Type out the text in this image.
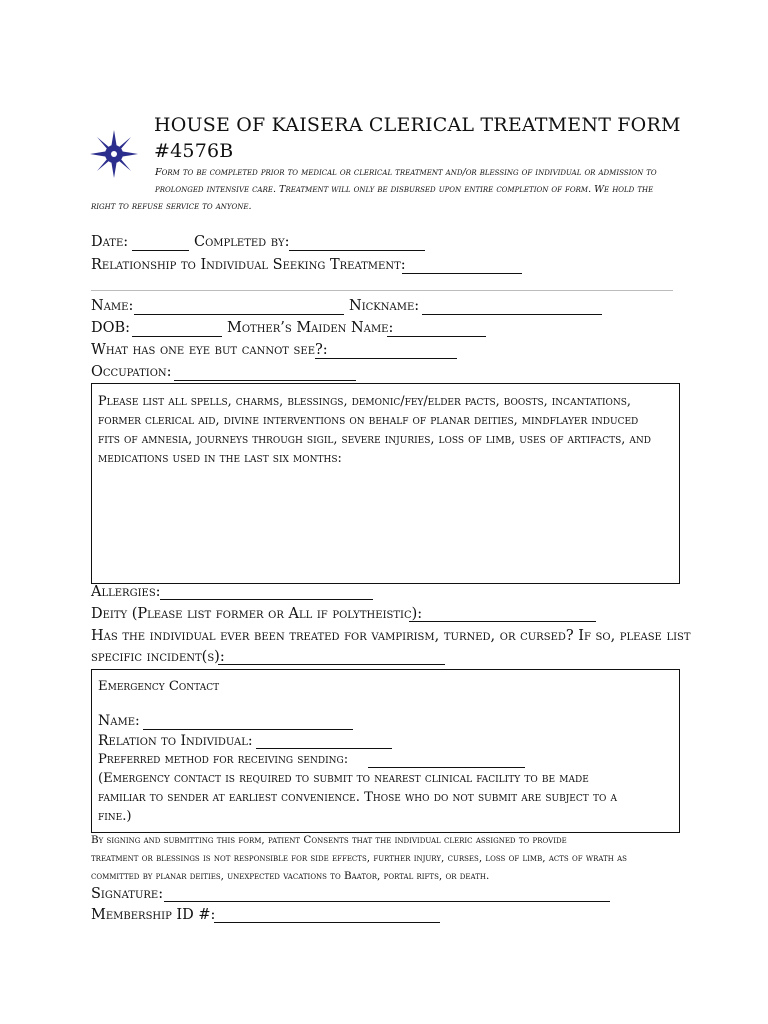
HOUSE OF KAISERA CLERICAL TREATMENT FORM
#4576B
Form to be completed prior to medical or clerical treatment and/or blessing of individual or admission to
prolonged intensive care. Treatment will only be disbursed upon entire completion of form. We hold the
right to refuse service to anyone.
Date:	Completed by:
Relationship to Individual Seeking Treatment:
Name:	Nickname:
DOB:	Mother’s Maiden Name:
What has one eye but cannot see?:
Occupation:
Please list all spells, charms, blessings, demonic/fey/elder pacts, boosts, incantations,
former clerical aid, divine interventions on behalf of planar deities, mindflayer induced
fits of amnesia, journeys through sigil, severe injuries, loss of limb, uses of artifacts, and
medications used in the last six months:
Allergies:
Deity (Please list former or All if polytheistic):
Has the individual ever been treated for vampirism, turned, or cursed? If so, please list
specific incident(s):
Emergency Contact
Name:
Relation to Individual:
Preferred method for receiving sending:
(Emergency contact is required to submit to nearest clinical facility to be made
familiar to sender at earliest convenience. Those who do not submit are subject to a
fine.)
By signing and submitting this form, patient Consents that the individual cleric assigned to provide
treatment or blessings is not responsible for side effects, further injury, curses, loss of limb, acts of wrath as
committed by planar deities, unexpected vacations to Baator, portal rifts, or death.
Signature:
Membership ID #:
